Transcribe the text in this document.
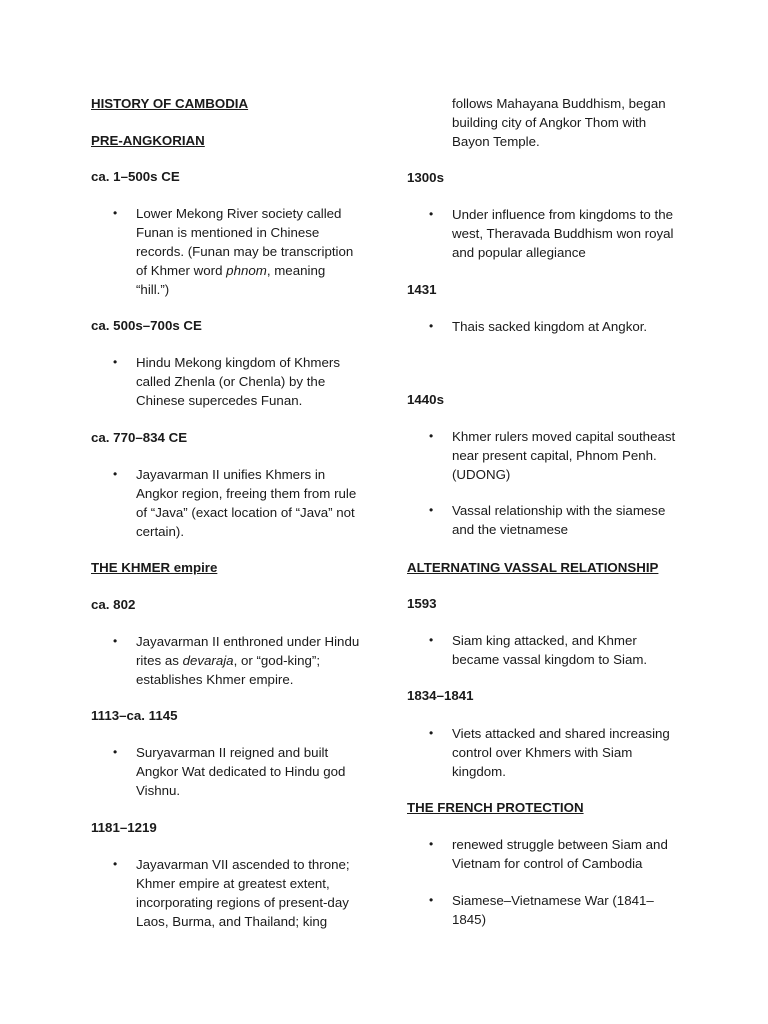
HISTORY OF CAMBODIA
PRE-ANGKORIAN
ca. 1–500s CE
• Lower Mekong River society called Funan is mentioned in Chinese records. (Funan may be transcription of Khmer word phnom, meaning “hill.”)
ca. 500s–700s CE
• Hindu Mekong kingdom of Khmers called Zhenla (or Chenla) by the Chinese supercedes Funan.
ca. 770–834 CE
• Jayavarman II unifies Khmers in Angkor region, freeing them from rule of “Java” (exact location of “Java” not certain).
THE KHMER empire
ca. 802
• Jayavarman II enthroned under Hindu rites as devaraja, or “god-king”; establishes Khmer empire.
1113–ca. 1145
• Suryavarman II reigned and built Angkor Wat dedicated to Hindu god Vishnu.
1181–1219
• Jayavarman VII ascended to throne; Khmer empire at greatest extent, incorporating regions of present-day Laos, Burma, and Thailand; king
follows Mahayana Buddhism, began building city of Angkor Thom with Bayon Temple.
1300s
• Under influence from kingdoms to the west, Theravada Buddhism won royal and popular allegiance
1431
• Thais sacked kingdom at Angkor.
1440s
• Khmer rulers moved capital southeast near present capital, Phnom Penh. (UDONG)
• Vassal relationship with the siamese and the vietnamese
ALTERNATING VASSAL RELATIONSHIP
1593
• Siam king attacked, and Khmer became vassal kingdom to Siam.
1834–1841
• Viets attacked and shared increasing control over Khmers with Siam kingdom.
THE FRENCH PROTECTION
• renewed struggle between Siam and Vietnam for control of Cambodia
• Siamese–Vietnamese War (1841–1845)
